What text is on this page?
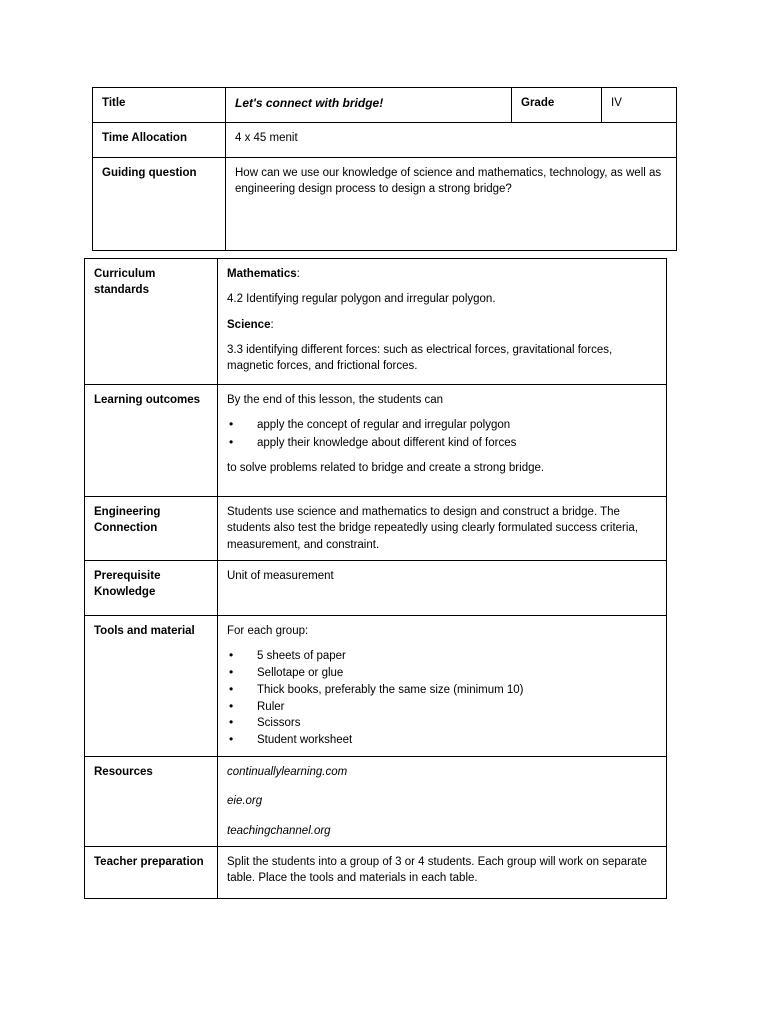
Title	Let's connect with bridge!	Grade	IV
Time Allocation	4 x 45 menit		
Guiding question	How can we use our knowledge of science and mathematics, technology, as well as engineering design process to design a strong bridge?		
Curriculum standards	Mathematics:

4.2 Identifying regular polygon and irregular polygon.

Science:

3.3 identifying different forces: such as electrical forces, gravitational forces, magnetic forces, and frictional forces.

Learning outcomes	By the end of this lesson, the students can

• apply the concept of regular and irregular polygon
• apply their knowledge about different kind of forces

to solve problems related to bridge and create a strong bridge.

Engineering Connection	Students use science and mathematics to design and construct a bridge. The students also test the bridge repeatedly using clearly formulated success criteria, measurement, and constraint.
Prerequisite Knowledge	Unit of measurement
Tools and material	For each group:

• 5 sheets of paper
• Sellotape or glue
• Thick books, preferably the same size (minimum 10)
• Ruler
• Scissors
• Student worksheet

Resources	continuallylearning.com

eie.org

teachingchannel.org

Teacher preparation	Split the students into a group of 3 or 4 students. Each group will work on separate table. Place the tools and materials in each table.
